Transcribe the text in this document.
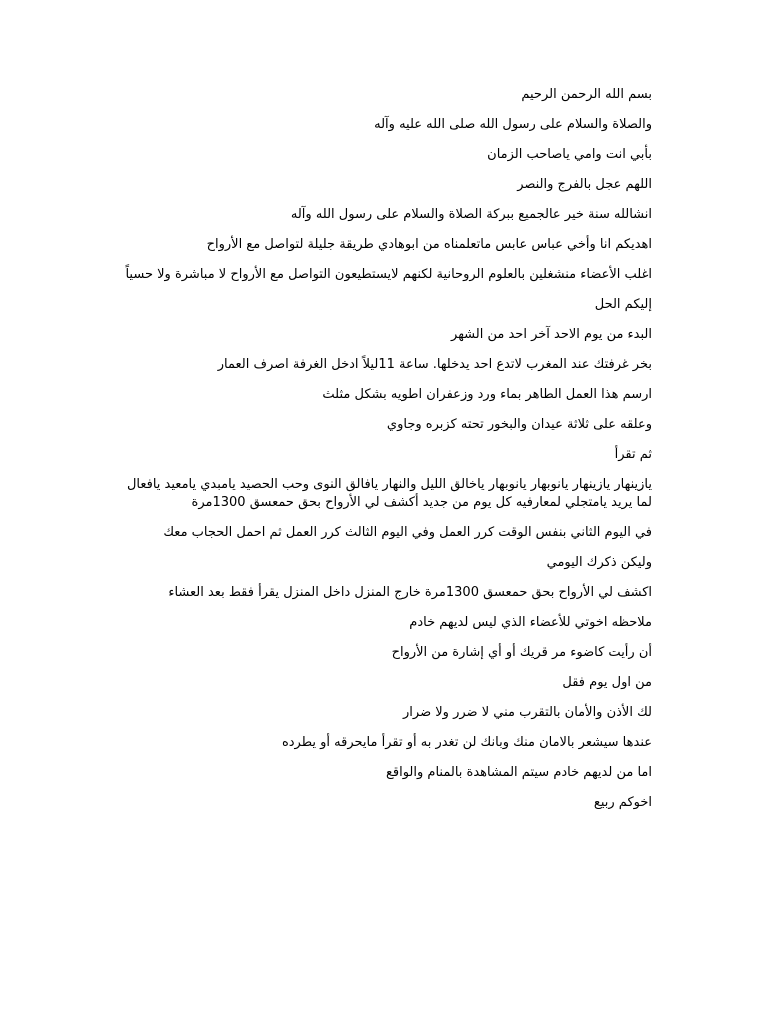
بسم الله الرحمن الرحيم

والصلاة والسلام على رسول الله صلى الله عليه وآله

بأبي انت وامي ياصاحب الزمان

اللهم عجل بالفرج والنصر

انشالله سنة خير عالجميع ببركة الصلاة والسلام على رسول الله وآله

اهديكم انا وأخي عباس عابس ماتعلمناه من ابوهادي طريقة جليلة لتواصل مع الأرواح

اغلب الأعضاء منشغلين بالعلوم الروحانية لكنهم لايستطيعون التواصل مع الأرواح لا مباشرة ولا حسياً

إليكم الحل

البدء من يوم الاحد آخر احد من الشهر

بخر غرفتك عند المغرب لاتدع احد يدخلها. ساعة 11ليلاً ادخل الغرفة اصرف العمار

ارسم هذا العمل الطاهر بماء ورد وزعفران اطويه بشكل مثلث

وعلقه على ثلاثة عيدان والبخور تحته كزبره وجاوي

ثم تقرأ

يازينهار يازينهار يانوبهار يانوبهار ياخالق الليل والنهار يافالق النوى وحب الحصيد يامبدي يامعيد يافعال لما يريد يامتجلي لمعارفيه كل يوم من جديد أكشف لي الأرواح بحق حمعسق 1300مرة

في اليوم الثاني بنفس الوقت كرر العمل وفي اليوم الثالث كرر العمل ثم احمل الحجاب معك

وليكن ذكرك اليومي

اكشف لي الأرواح بحق حمعسق 1300مرة خارج المنزل داخل المنزل يقرأ فقط بعد العشاء

ملاحظه اخوتي للأعضاء الذي ليس لديهم خادم

أن رأيت كاضوء مر قريك أو أي إشارة من الأرواح

من اول يوم فقل

لك الأذن والأمان بالتقرب مني لا ضرر ولا ضرار

عندها سيشعر بالامان منك وبانك لن تغدر به أو تقرأ مايحرقه أو يطرده

اما من لديهم خادم سيتم المشاهدة بالمنام والواقع

اخوكم ربيع
